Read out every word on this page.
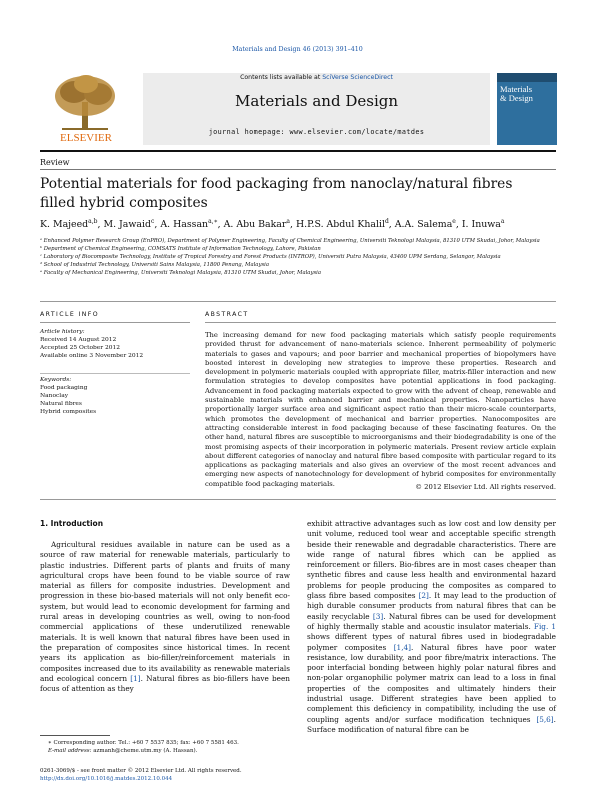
Materials and Design 46 (2013) 391–410
ELSEVIER
Contents lists available at SciVerse ScienceDirect
Materials and Design
journal homepage: www.elsevier.com/locate/matdes
Materials & Design
Review
Potential materials for food packaging from nanoclay/natural fibres filled hybrid composites
K. Majeed$^{a,b}$, M. Jawaid$^c$, A. Hassan$^{a,∗}$, A. Abu Bakar$^a$, H.P.S. Abdul Khalil$^d$, A.A. Salema$^e$, I. Inuwa$^a$

ᵃ Enhanced Polymer Research Group (EnPRO), Department of Polymer Engineering, Faculty of Chemical Engineering, Universiti Teknologi Malaysia, 81310 UTM Skudai, Johor, Malaysia

ᵇ Department of Chemical Engineering, COMSATS Institute of Information Technology, Lahore, Pakistan

ᶜ Laboratory of Biocomposite Technology, Institute of Tropical Forestry and Forest Products (INTROP), Universiti Putra Malaysia, 43400 UPM Serdang, Selangor, Malaysia

ᵈ School of Industrial Technology, Universiti Sains Malaysia, 11800 Penang, Malaysia

ᵉ Faculty of Mechanical Engineering, Universiti Teknologi Malaysia, 81310 UTM Skudai, Johor, Malaysia

ARTICLE INFO	ABSTRACT
Article history:
Received 14 August 2012
Accepted 25 October 2012
Available online 3 November 2012
Keywords:
Food packaging
Nanoclay
Natural fibres
Hybrid composites

The increasing demand for new food packaging materials which satisfy people requirements provided thrust for advancement of nano-materials science. Inherent permeability of polymeric materials to gases and vapours; and poor barrier and mechanical properties of biopolymers have boosted interest in developing new strategies to improve these properties. Research and development in polymeric materials coupled with appropriate filler, matrix-filler interaction and new formulation strategies to develop composites have potential applications in food packaging. Advancement in food packaging materials expected to grow with the advent of cheap, renewable and sustainable materials with enhanced barrier and mechanical properties. Nanoparticles have proportionally larger surface area and significant aspect ratio than their micro-scale counterparts, which promotes the development of mechanical and barrier properties. Nanocomposites are attracting considerable interest in food packaging because of these fascinating features. On the other hand, natural fibres are susceptible to microorganisms and their biodegradability is one of the most promising aspects of their incorporation in polymeric materials. Present review article explain about different categories of nanoclay and natural fibre based composite with particular regard to its applications as packaging materials and also gives an overview of the most recent advances and emerging new aspects of nanotechnology for development of hybrid composites for environmentally compatible food packaging materials.	© 2012 Elsevier Ltd. All rights reserved.
1. Introduction

Agricultural residues available in nature can be used as a source of raw material for renewable materials, particularly to plastic industries. Different parts of plants and fruits of many agricultural crops have been found to be viable source of raw material as fillers for composite industries. Development and progression in these bio-based materials will not only benefit eco-system, but would lead to economic development for farming and rural areas in developing countries as well, owing to non-food commercial applications of these underutilized renewable materials. It is well known that natural fibres have been used in the preparation of composites since historical times. In recent years its application as bio-filler/reinforcement materials in composites increased due to its availability as renewable materials and ecological concern [1]. Natural fibres as bio-fillers have been focus of attention as they

exhibit attractive advantages such as low cost and low density per unit volume, reduced tool wear and acceptable specific strength beside their renewable and degradable characteristics. There are wide range of natural fibres which can be applied as reinforcement or fillers. Bio-fibres are in most cases cheaper than synthetic fibres and cause less health and environmental hazard problems for people producing the composites as compared to glass fibre based composites [2]. It may lead to the production of high durable consumer products from natural fibres that can be easily recyclable [3]. Natural fibres can be used for development of highly thermally stable and acoustic insulator materials. Fig. 1 shows different types of natural fibres used in biodegradable polymer composites [1,4]. Natural fibres have poor water resistance, low durability, and poor fibre/matrix interactions. The poor interfacial bonding between highly polar natural fibres and non-polar organophilic polymer matrix can lead to a loss in final properties of the composites and ultimately hinders their industrial usage. Different strategies have been applied to complement this deficiency in compatibility, including the use of coupling agents and/or surface modification techniques [5,6]. Surface modification of natural fibre can be

∗ Corresponding author. Tel.: +60 7 5537 835; fax: +60 7 5581 463.
E-mail address: azmanh@cheme.utm.my (A. Hassan).
0261-3069/$ - see front matter © 2012 Elsevier Ltd. All rights reserved.
http://dx.doi.org/10.1016/j.matdes.2012.10.044
